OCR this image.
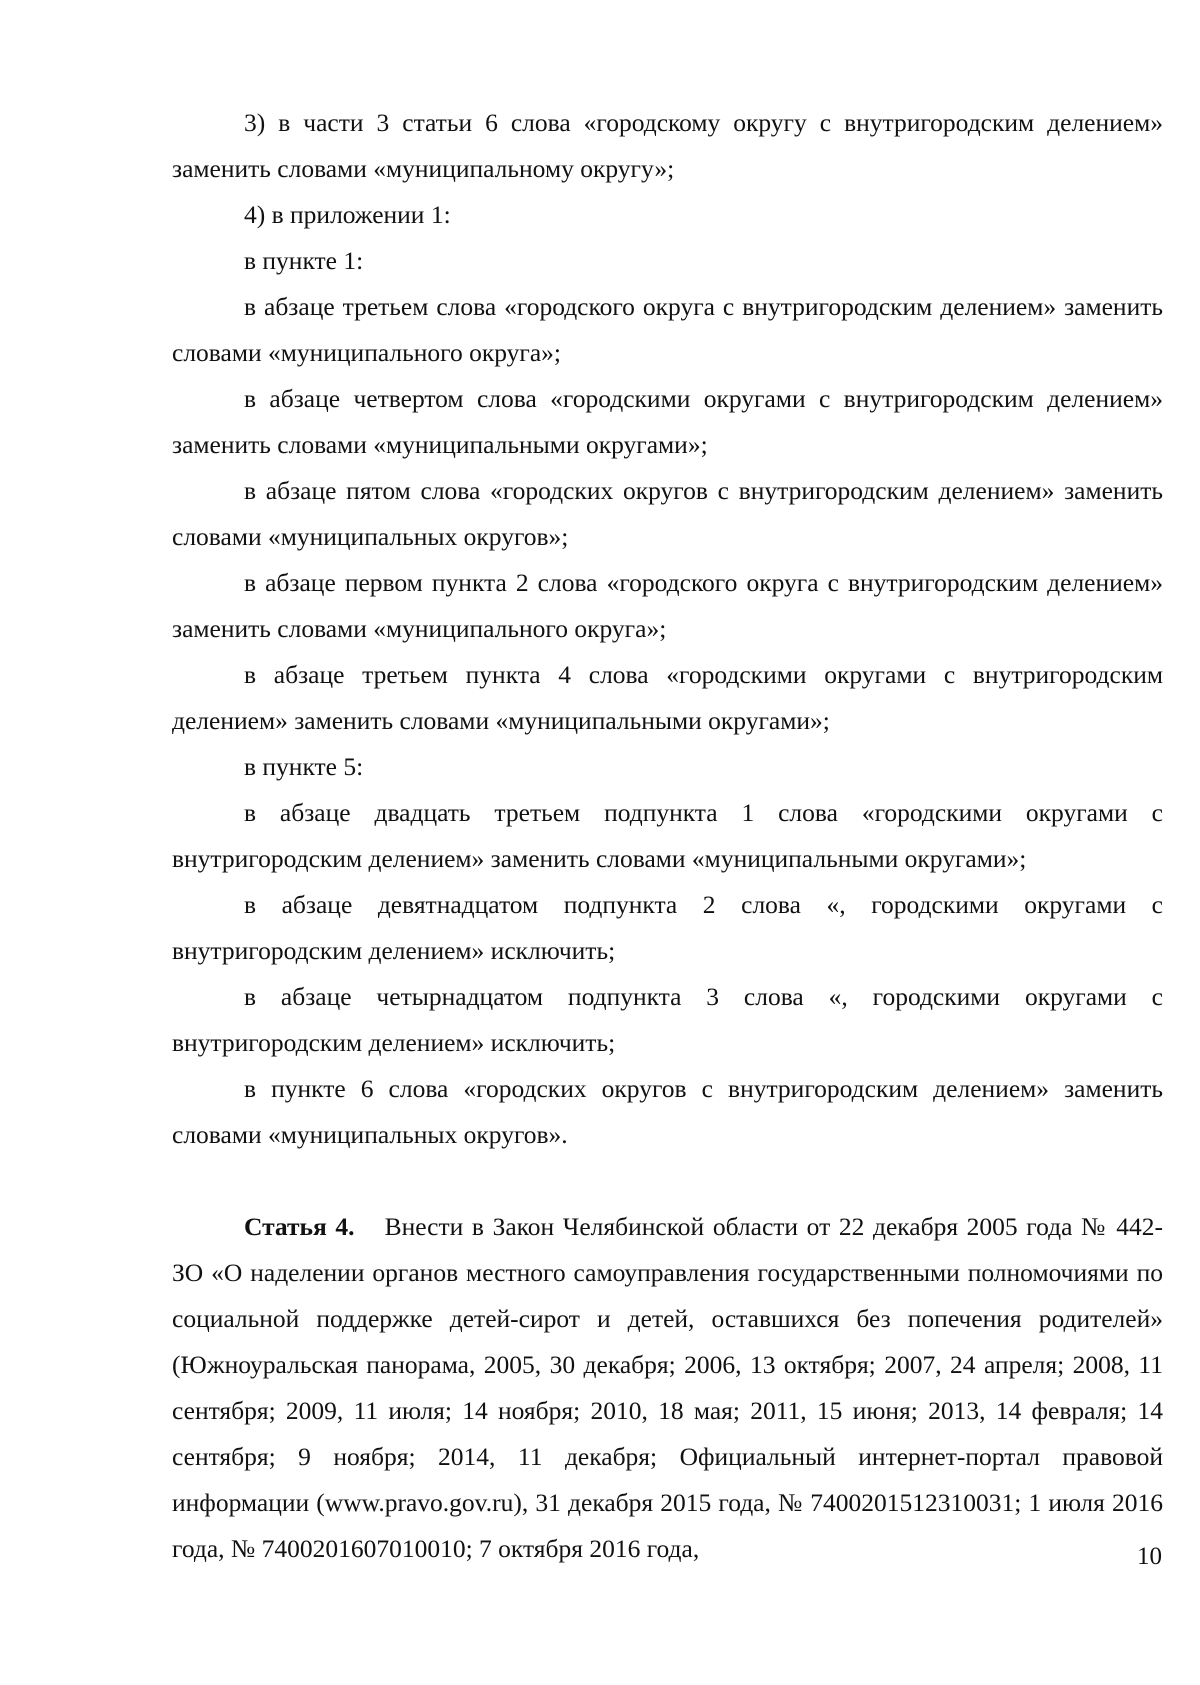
3) в части 3 статьи 6 слова «городскому округу с внутригородским делением» заменить словами «муниципальному округу»;

4) в приложении 1:

в пункте 1:

в абзаце третьем слова «городского округа с внутригородским делением» заменить словами «муниципального округа»;

в абзаце четвертом слова «городскими округами с внутригородским делением» заменить словами «муниципальными округами»;

в абзаце пятом слова «городских округов с внутригородским делением» заменить словами «муниципальных округов»;

в абзаце первом пункта 2 слова «городского округа с внутригородским делением» заменить словами «муниципального округа»;

в абзаце третьем пункта 4 слова «городскими округами с внутригородским делением» заменить словами «муниципальными округами»;

в пункте 5:

в абзаце двадцать третьем подпункта 1 слова «городскими округами с внутригородским делением» заменить словами «муниципальными округами»;

в абзаце девятнадцатом подпункта 2 слова «, городскими округами с внутригородским делением» исключить;

в абзаце четырнадцатом подпункта 3 слова «, городскими округами с внутригородским делением» исключить;

в пункте 6 слова «городских округов с внутригородским делением» заменить словами «муниципальных округов».

Статья 4. Внести в Закон Челябинской области от 22 декабря 2005 года № 442-ЗО «О наделении органов местного самоуправления государственными полномочиями по социальной поддержке детей-сирот и детей, оставшихся без попечения родителей» (Южноуральская панорама, 2005, 30 декабря; 2006, 13 октября; 2007, 24 апреля; 2008, 11 сентября; 2009, 11 июля; 14 ноября; 2010, 18 мая; 2011, 15 июня; 2013, 14 февраля; 14 сентября; 9 ноября; 2014, 11 декабря; Официальный интернет-портал правовой информации (www.pravo.gov.ru), 31 декабря 2015 года, № 7400201512310031; 1 июля 2016 года, № 7400201607010010; 7 октября 2016 года,	10
